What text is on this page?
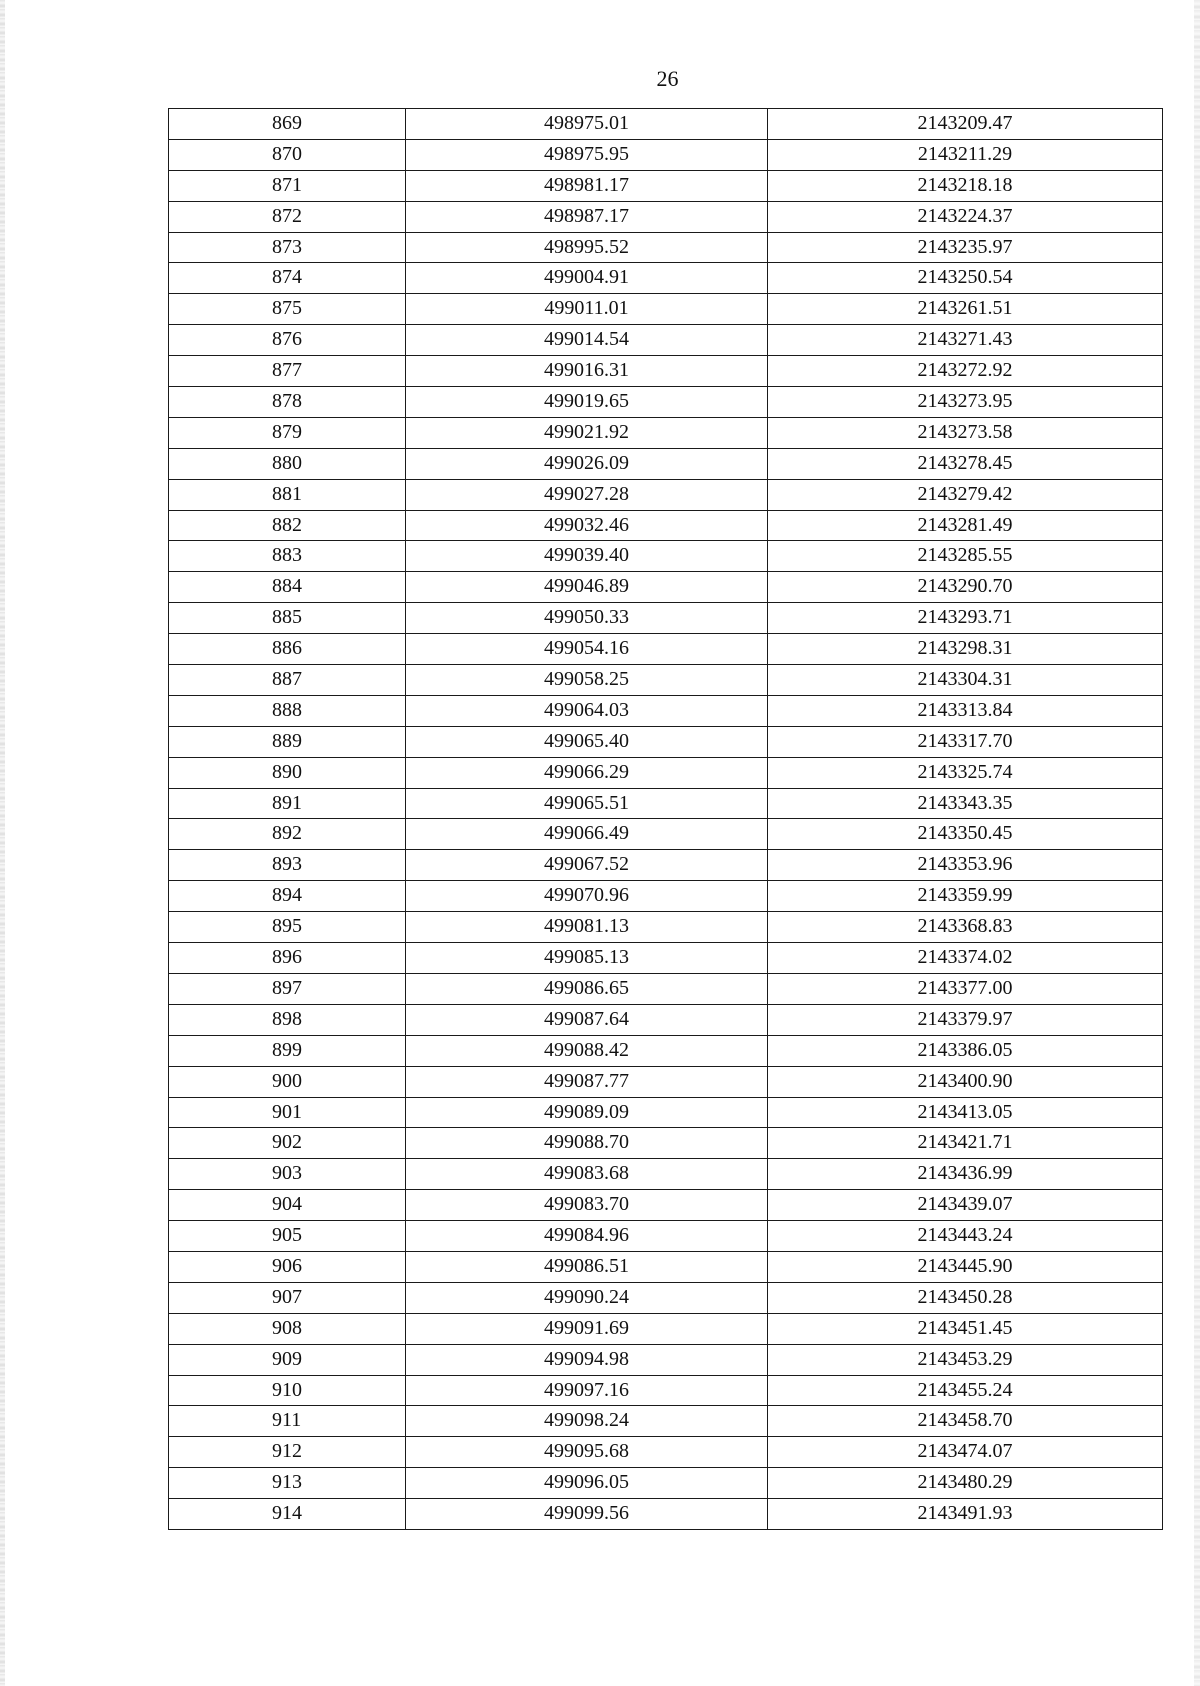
26
869	498975.01	2143209.47
870	498975.95	2143211.29
871	498981.17	2143218.18
872	498987.17	2143224.37
873	498995.52	2143235.97
874	499004.91	2143250.54
875	499011.01	2143261.51
876	499014.54	2143271.43
877	499016.31	2143272.92
878	499019.65	2143273.95
879	499021.92	2143273.58
880	499026.09	2143278.45
881	499027.28	2143279.42
882	499032.46	2143281.49
883	499039.40	2143285.55
884	499046.89	2143290.70
885	499050.33	2143293.71
886	499054.16	2143298.31
887	499058.25	2143304.31
888	499064.03	2143313.84
889	499065.40	2143317.70
890	499066.29	2143325.74
891	499065.51	2143343.35
892	499066.49	2143350.45
893	499067.52	2143353.96
894	499070.96	2143359.99
895	499081.13	2143368.83
896	499085.13	2143374.02
897	499086.65	2143377.00
898	499087.64	2143379.97
899	499088.42	2143386.05
900	499087.77	2143400.90
901	499089.09	2143413.05
902	499088.70	2143421.71
903	499083.68	2143436.99
904	499083.70	2143439.07
905	499084.96	2143443.24
906	499086.51	2143445.90
907	499090.24	2143450.28
908	499091.69	2143451.45
909	499094.98	2143453.29
910	499097.16	2143455.24
911	499098.24	2143458.70
912	499095.68	2143474.07
913	499096.05	2143480.29
914	499099.56	2143491.93
